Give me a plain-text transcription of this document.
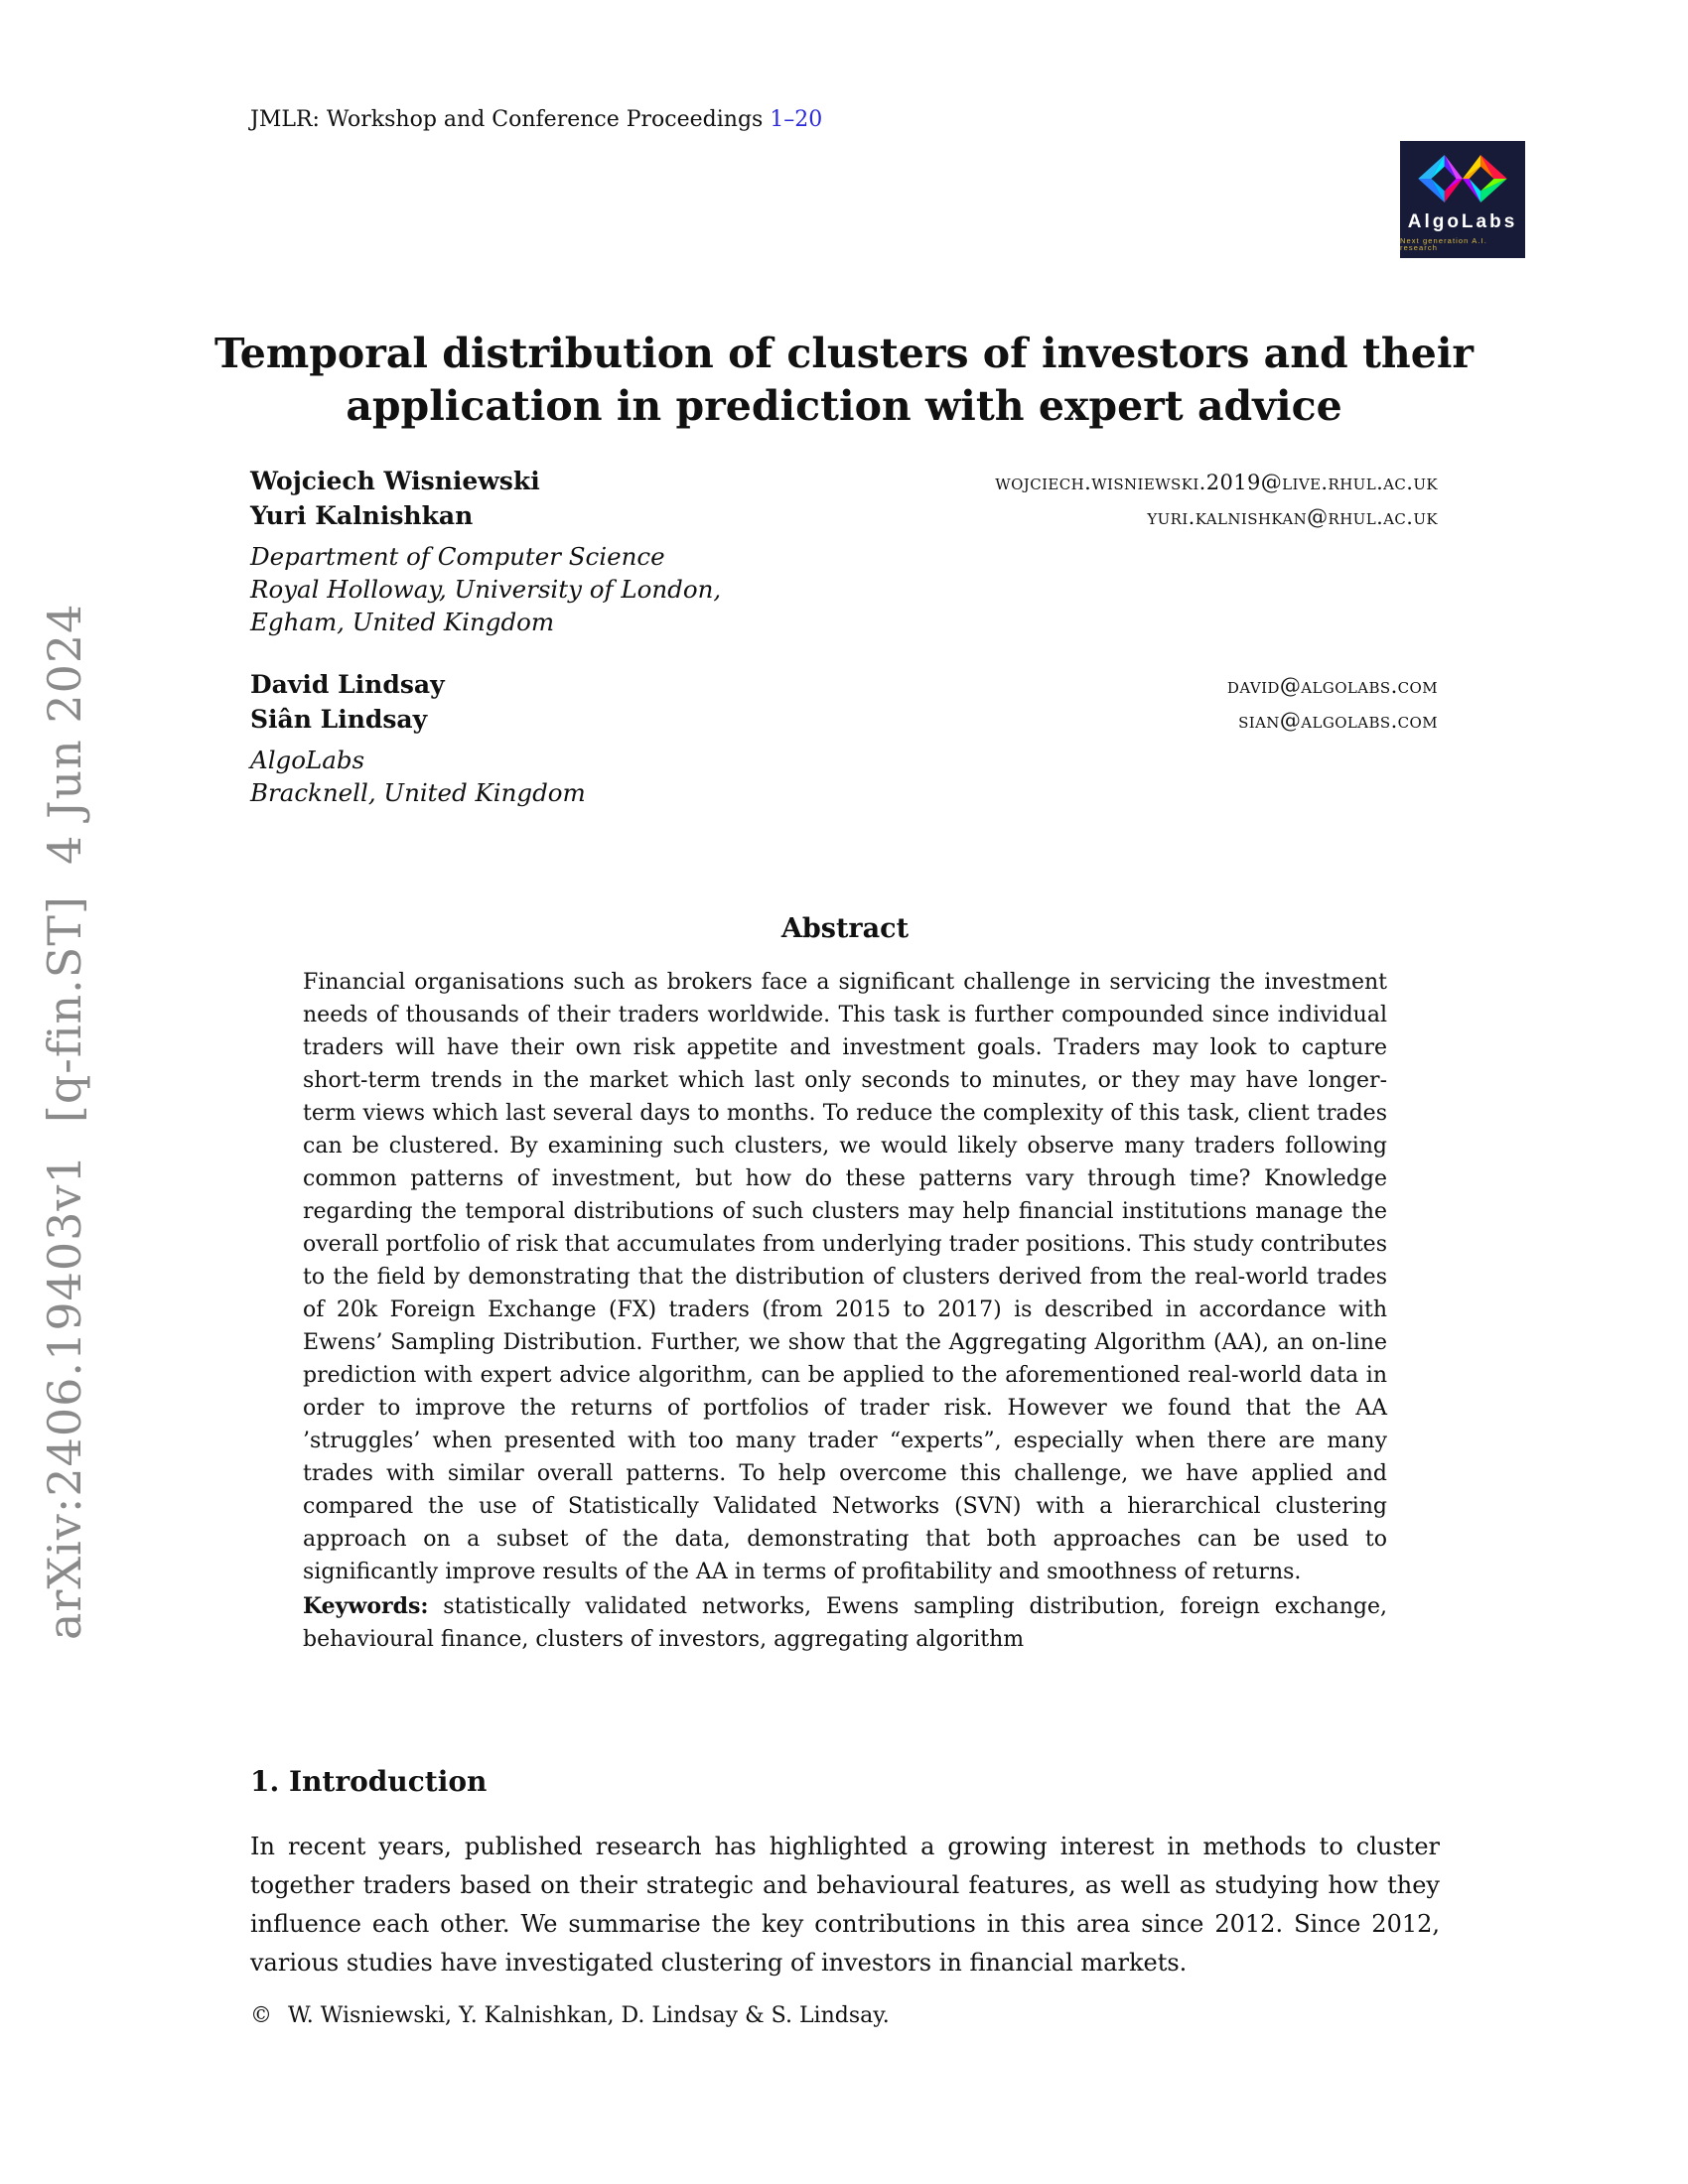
arXiv:2406.19403v1  [q-fin.ST]  4 Jun 2024
JMLR: Workshop and Conference Proceedings 1–20
AlgoLabs
Next generation A.I. research
Temporal distribution of clusters of investors and their
application in prediction with expert advice
Wojciech Wisniewski	wojciech.wisniewski.2019@live.rhul.ac.uk
Yuri Kalnishkan	yuri.kalnishkan@rhul.ac.uk
Department of Computer Science
Royal Holloway, University of London,
Egham, United Kingdom
David Lindsay	david@algolabs.com
Siân Lindsay	sian@algolabs.com
AlgoLabs
Bracknell, United Kingdom
Abstract

Financial organisations such as brokers face a significant challenge in servicing the investment needs of thousands of their traders worldwide. This task is further compounded since individual traders will have their own risk appetite and investment goals. Traders may look to capture short-term trends in the market which last only seconds to minutes, or they may have longer-term views which last several days to months. To reduce the complexity of this task, client trades can be clustered. By examining such clusters, we would likely observe many traders following common patterns of investment, but how do these patterns vary through time? Knowledge regarding the temporal distributions of such clusters may help financial institutions manage the overall portfolio of risk that accumulates from underlying trader positions. This study contributes to the field by demonstrating that the distribution of clusters derived from the real-world trades of 20k Foreign Exchange (FX) traders (from 2015 to 2017) is described in accordance with Ewens’ Sampling Distribution. Further, we show that the Aggregating Algorithm (AA), an on-line prediction with expert advice algorithm, can be applied to the aforementioned real-world data in order to improve the returns of portfolios of trader risk. However we found that the AA ’struggles’ when presented with too many trader “experts”, especially when there are many trades with similar overall patterns. To help overcome this challenge, we have applied and compared the use of Statistically Validated Networks (SVN) with a hierarchical clustering approach on a subset of the data, demonstrating that both approaches can be used to significantly improve results of the AA in terms of profitability and smoothness of returns.

Keywords: statistically validated networks, Ewens sampling distribution, foreign exchange, behavioural finance, clusters of investors, aggregating algorithm

1. Introduction

In recent years, published research has highlighted a growing interest in methods to cluster together traders based on their strategic and behavioural features, as well as studying how they influence each other. We summarise the key contributions in this area since 2012. Since 2012, various studies have investigated clustering of investors in financial markets.

© W. Wisniewski, Y. Kalnishkan, D. Lindsay & S. Lindsay.
